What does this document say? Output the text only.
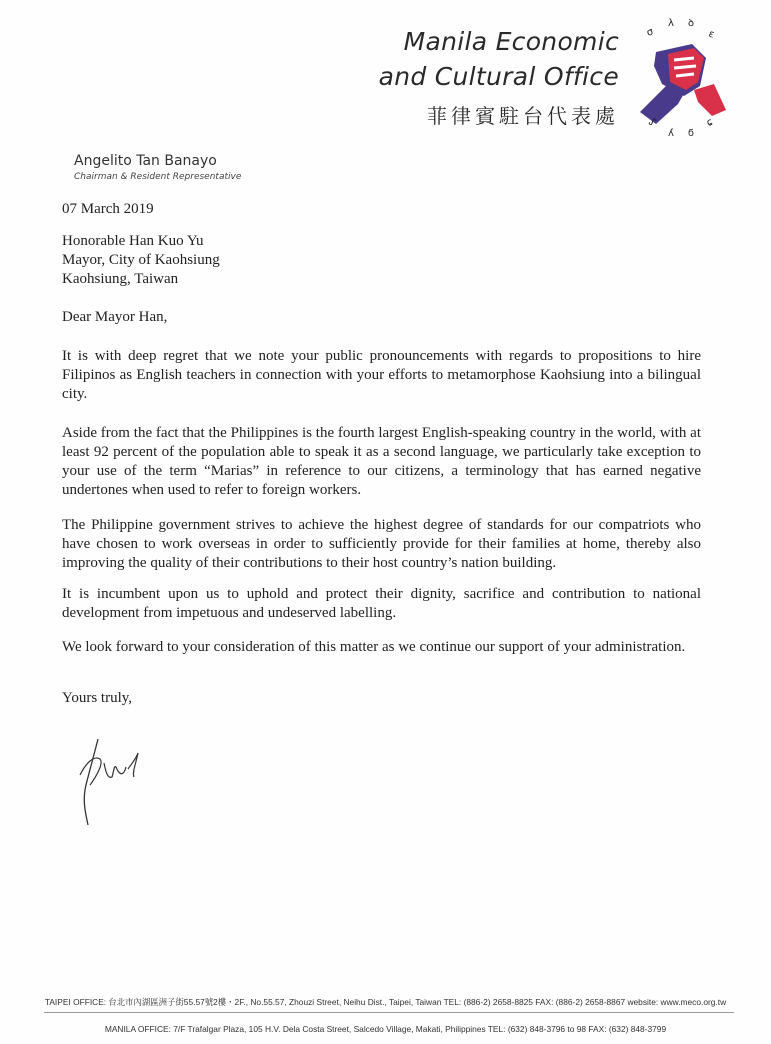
Manila Economic
and Cultural Office
菲律賓駐台代表處
σ
λ ꝺ
ɛ
ᔑ
ʎ ϭ
ɕ
Angelito Tan Banayo
Chairman & Resident Representative
07 March 2019
Honorable Han Kuo Yu
Mayor, City of Kaohsiung
Kaohsiung, Taiwan
Dear Mayor Han,
It is with deep regret that we note your public pronouncements with regards to propositions to hire Filipinos as English teachers in connection with your efforts to metamorphose Kaohsiung into a bilingual city.
Aside from the fact that the Philippines is the fourth largest English-speaking country in the world, with at least 92 percent of the population able to speak it as a second language, we particularly take exception to your use of the term “Marias” in reference to our citizens, a terminology that has earned negative undertones when used to refer to foreign workers.
The Philippine government strives to achieve the highest degree of standards for our compatriots who have chosen to work overseas in order to sufficiently provide for their families at home, thereby also improving the quality of their contributions to their host country’s nation building.
It is incumbent upon us to uphold and protect their dignity, sacrifice and contribution to national development from impetuous and undeserved labelling.
We look forward to your consideration of this matter as we continue our support of your administration.
Yours truly,
TAIPEI OFFICE: 台北市內湖區洲子街55.57號2樓・2F., No.55.57, Zhouzi Street, Neihu Dist., Taipei, Taiwan TEL: (886-2) 2658-8825 FAX: (886-2) 2658-8867 website: www.meco.org.tw
MANILA OFFICE: 7/F Trafalgar Plaza, 105 H.V. Dela Costa Street, Salcedo Village, Makati, Philippines TEL: (632) 848-3796 to 98 FAX: (632) 848-3799
